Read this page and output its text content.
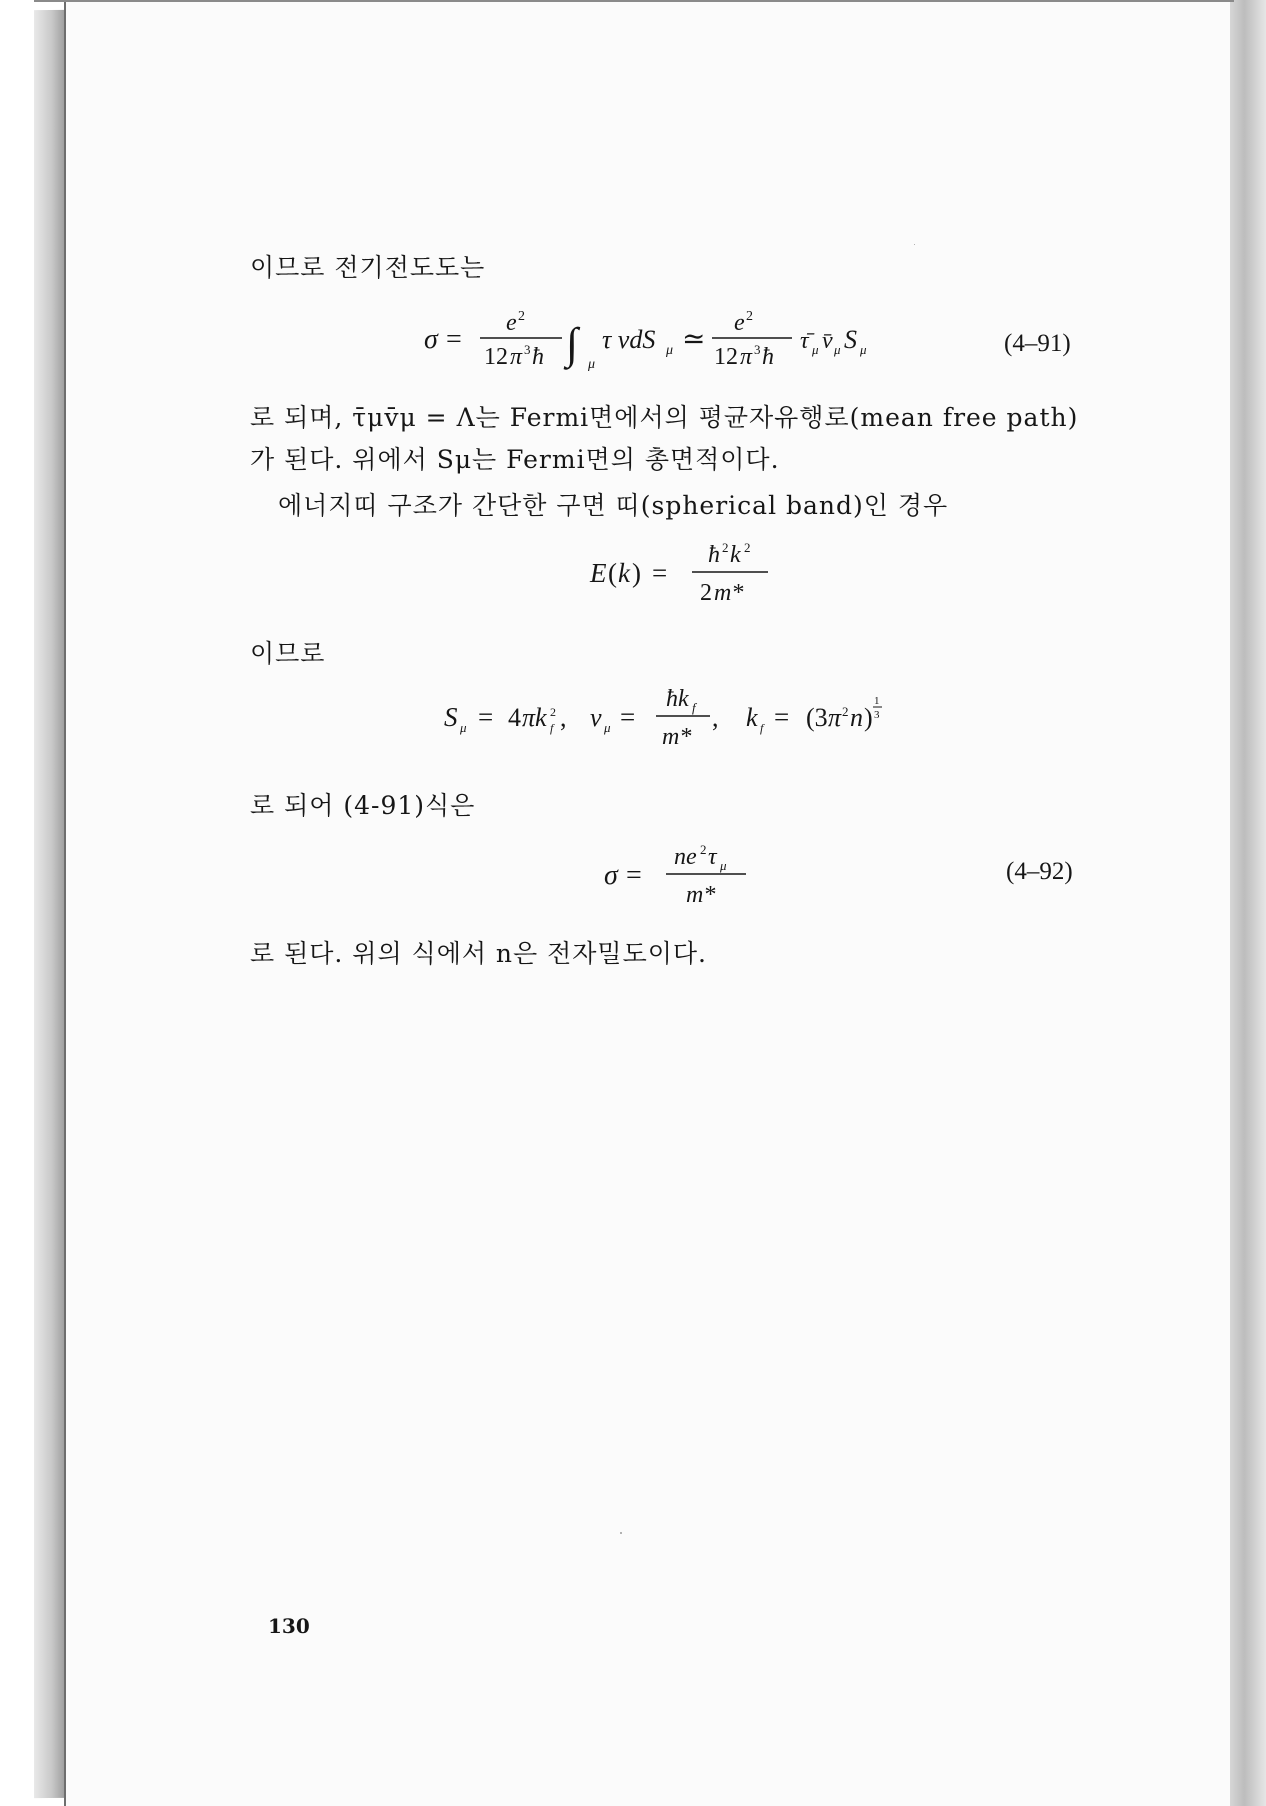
이므로 전기전도도는
σ =
e 2
12 π 3 ħ ∫ μ
τ vdS μ ≃
e 2
12 π 3 ħ
τ̄ μ v̄ μ S μ	(4–91)
로 되며, τ̄μv̄μ = Λ는 Fermi면에서의 평균자유행로(mean free path)
가 된다. 위에서 Sμ는 Fermi면의 총면적이다.
에너지띠 구조가 간단한 구면 띠(spherical band)인 경우
E ( k ) =
ħ 2 k 2
2 m*
이므로
S μ = 4 πk 2
f , v μ =
ħk f
m*
, k f = (3 π 2 n )
1
3
로 되어 (4-91)식은
σ =
ne 2 τ μ
m*
(4–92)
로 된다. 위의 식에서 n은 전자밀도이다.
130
